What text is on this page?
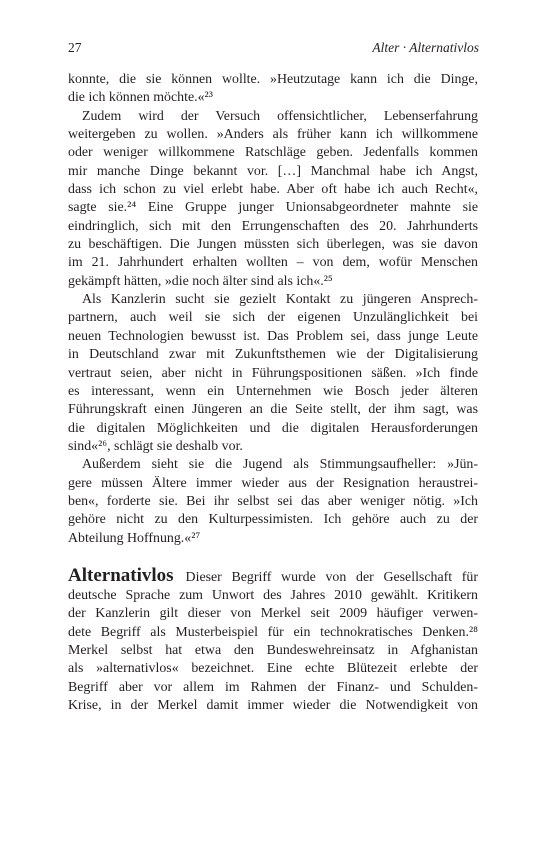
27	Alter · Alternativlos
konnte, die sie können wollte. »Heutzutage kann ich die Dinge,
die ich können möchte.«²³
Zudem wird der Versuch offensichtlicher, Lebenserfahrung
weitergeben zu wollen. »Anders als früher kann ich willkommene
oder weniger willkommene Ratschläge geben. Jedenfalls kommen
mir manche Dinge bekannt vor. […] Manchmal habe ich Angst,
dass ich schon zu viel erlebt habe. Aber oft habe ich auch Recht«,
sagte sie.²⁴ Eine Gruppe junger Unionsabgeordneter mahnte sie
eindringlich, sich mit den Errungenschaften des 20. Jahrhunderts
zu beschäftigen. Die Jungen müssten sich überlegen, was sie davon
im 21. Jahrhundert erhalten wollten – von dem, wofür Menschen
gekämpft hätten, »die noch älter sind als ich«.²⁵
Als Kanzlerin sucht sie gezielt Kontakt zu jüngeren Ansprech-
partnern, auch weil sie sich der eigenen Unzulänglichkeit bei
neuen Technologien bewusst ist. Das Problem sei, dass junge Leute
in Deutschland zwar mit Zukunftsthemen wie der Digitalisierung
vertraut seien, aber nicht in Führungspositionen säßen. »Ich finde
es interessant, wenn ein Unternehmen wie Bosch jeder älteren
Führungskraft einen Jüngeren an die Seite stellt, der ihm sagt, was
die digitalen Möglichkeiten und die digitalen Herausforderungen
sind«²⁶, schlägt sie deshalb vor.
Außerdem sieht sie die Jugend als Stimmungsaufheller: »Jün-
gere müssen Ältere immer wieder aus der Resignation heraustrei-
ben«, forderte sie. Bei ihr selbst sei das aber weniger nötig. »Ich
gehöre nicht zu den Kulturpessimisten. Ich gehöre auch zu der
Abteilung Hoffnung.«²⁷
Alternativlos Dieser Begriff wurde von der Gesellschaft für
deutsche Sprache zum Unwort des Jahres 2010 gewählt. Kritikern
der Kanzlerin gilt dieser von Merkel seit 2009 häufiger verwen-
dete Begriff als Musterbeispiel für ein technokratisches Denken.²⁸
Merkel selbst hat etwa den Bundeswehreinsatz in Afghanistan
als »alternativlos« bezeichnet. Eine echte Blütezeit erlebte der
Begriff aber vor allem im Rahmen der Finanz- und Schulden-
Krise, in der Merkel damit immer wieder die Notwendigkeit von
